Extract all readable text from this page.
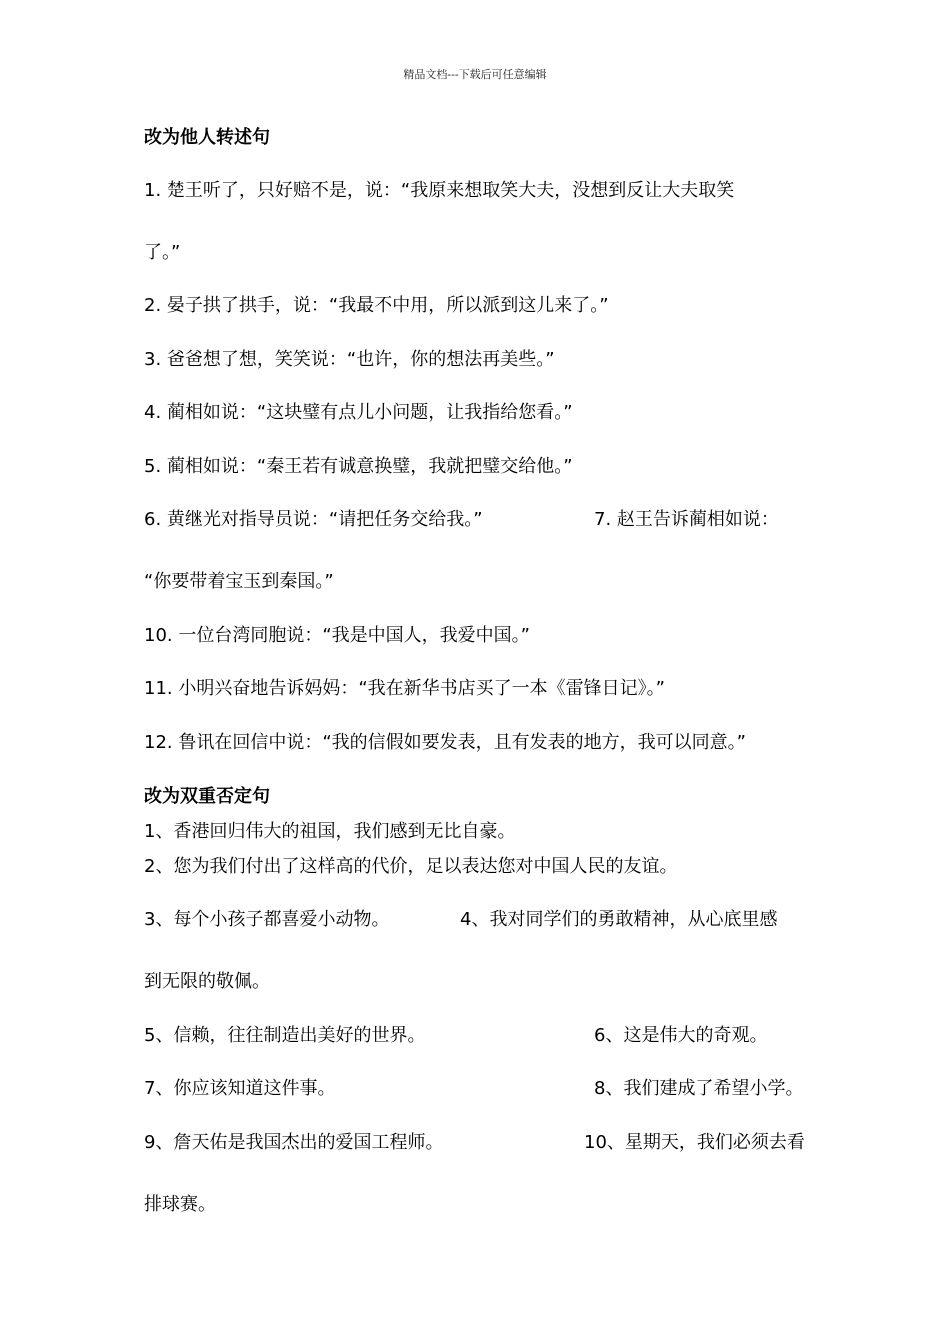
精品文档---下载后可任意编辑
改为他人转述句
1. 楚王听了，只好赔不是，说：“我原来想取笑大夫，没想到反让大夫取笑
了。”
2. 晏子拱了拱手，说：“我最不中用，所以派到这儿来了。”
3. 爸爸想了想，笑笑说：“也许，你的想法再美些。”
4. 蔺相如说：“这块璧有点儿小问题，让我指给您看。”
5. 蔺相如说：“秦王若有诚意换璧，我就把璧交给他。”
6. 黄继光对指导员说：“请把任务交给我。”	7. 赵王告诉蔺相如说：
“你要带着宝玉到秦国。”
10. 一位台湾同胞说：“我是中国人，我爱中国。”
11. 小明兴奋地告诉妈妈：“我在新华书店买了一本《雷锋日记》。”
12. 鲁讯在回信中说：“我的信假如要发表，且有发表的地方，我可以同意。”
改为双重否定句
1、香港回归伟大的祖国，我们感到无比自豪。
2、您为我们付出了这样高的代价，足以表达您对中国人民的友谊。
3、每个小孩子都喜爱小动物。	4、我对同学们的勇敢精神，从心底里感
到无限的敬佩。
5、信赖，往往制造出美好的世界。	6、这是伟大的奇观。
7、你应该知道这件事。	8、我们建成了希望小学。
9、詹天佑是我国杰出的爱国工程师。	10、星期天，我们必须去看
排球赛。
